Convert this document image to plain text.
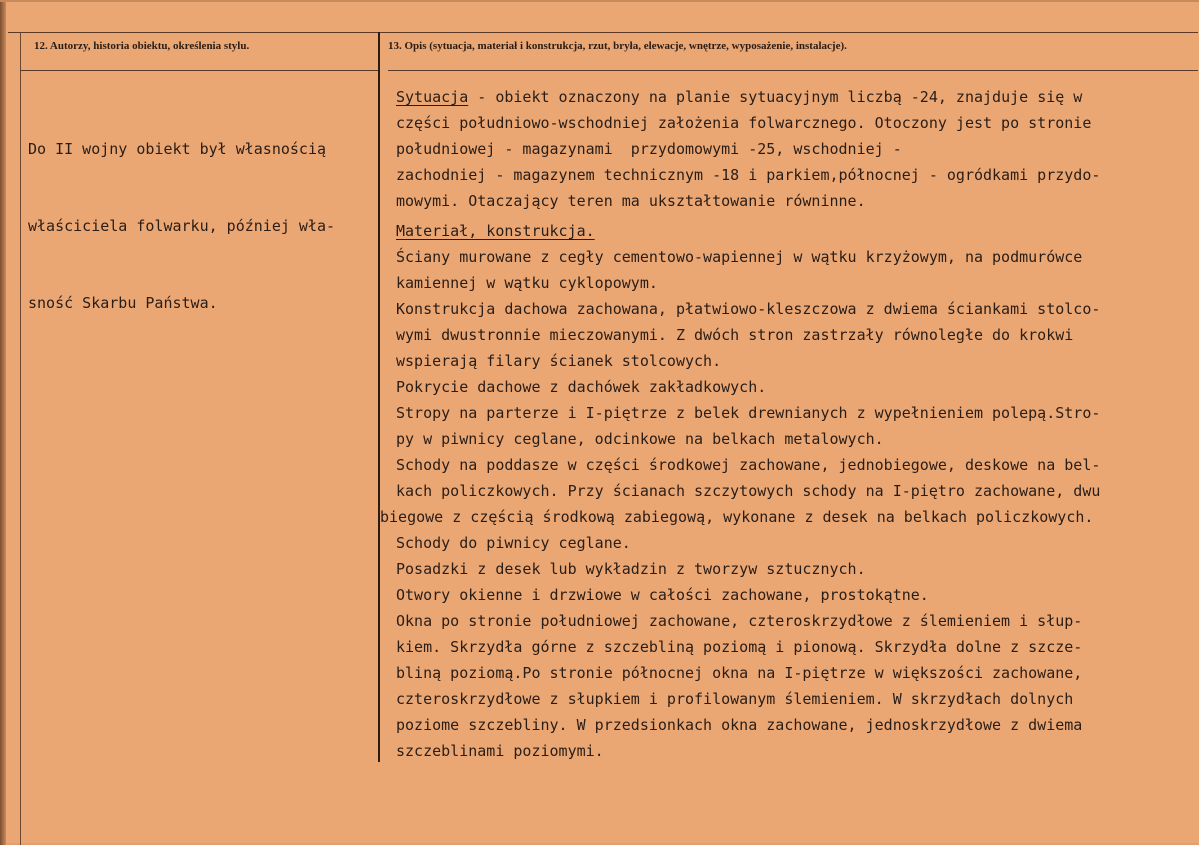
12. Autorzy, historia obiektu, określenia stylu.	13. Opis (sytuacja, materiał i konstrukcja, rzut, bryła, elewacje, wnętrze, wyposażenie, instalacje).

Do II wojny obiekt był własnością

właściciela folwarku, później wła-

sność Skarbu Państwa.

Sytuacja - obiekt oznaczony na planie sytuacyjnym liczbą -24, znajduje się w
części południowo-wschodniej założenia folwarcznego. Otoczony jest po stronie
południowej - magazynami  przydomowymi -25, wschodniej -
zachodniej - magazynem technicznym -18 i parkiem,północnej - ogródkami przydo-
mowymi. Otaczający teren ma ukształtowanie równinne.
Materiał, konstrukcja.
Ściany murowane z cegły cementowo-wapiennej w wątku krzyżowym, na podmurówce
kamiennej w wątku cyklopowym.
Konstrukcja dachowa zachowana, płatwiowo-kleszczowa z dwiema ściankami stolco-
wymi dwustronnie mieczowanymi. Z dwóch stron zastrzały równoległe do krokwi
wspierają filary ścianek stolcowych.
Pokrycie dachowe z dachówek zakładkowych.
Stropy na parterze i I-piętrze z belek drewnianych z wypełnieniem polepą.Stro-
py w piwnicy ceglane, odcinkowe na belkach metalowych.
Schody na poddasze w części środkowej zachowane, jednobiegowe, deskowe na bel-
kach policzkowych. Przy ścianach szczytowych schody na I-piętro zachowane, dwu
biegowe z częścią środkową zabiegową, wykonane z desek na belkach policzkowych.
Schody do piwnicy ceglane.
Posadzki z desek lub wykładzin z tworzyw sztucznych.
Otwory okienne i drzwiowe w całości zachowane, prostokątne.
Okna po stronie południowej zachowane, czteroskrzydłowe z ślemieniem i słup-
kiem. Skrzydła górne z szczebliną poziomą i pionową. Skrzydła dolne z szcze-
bliną poziomą.Po stronie północnej okna na I-piętrze w większości zachowane,
czteroskrzydłowe z słupkiem i profilowanym ślemieniem. W skrzydłach dolnych
poziome szczebliny. W przedsionkach okna zachowane, jednoskrzydłowe z dwiema
szczeblinami poziomymi.
